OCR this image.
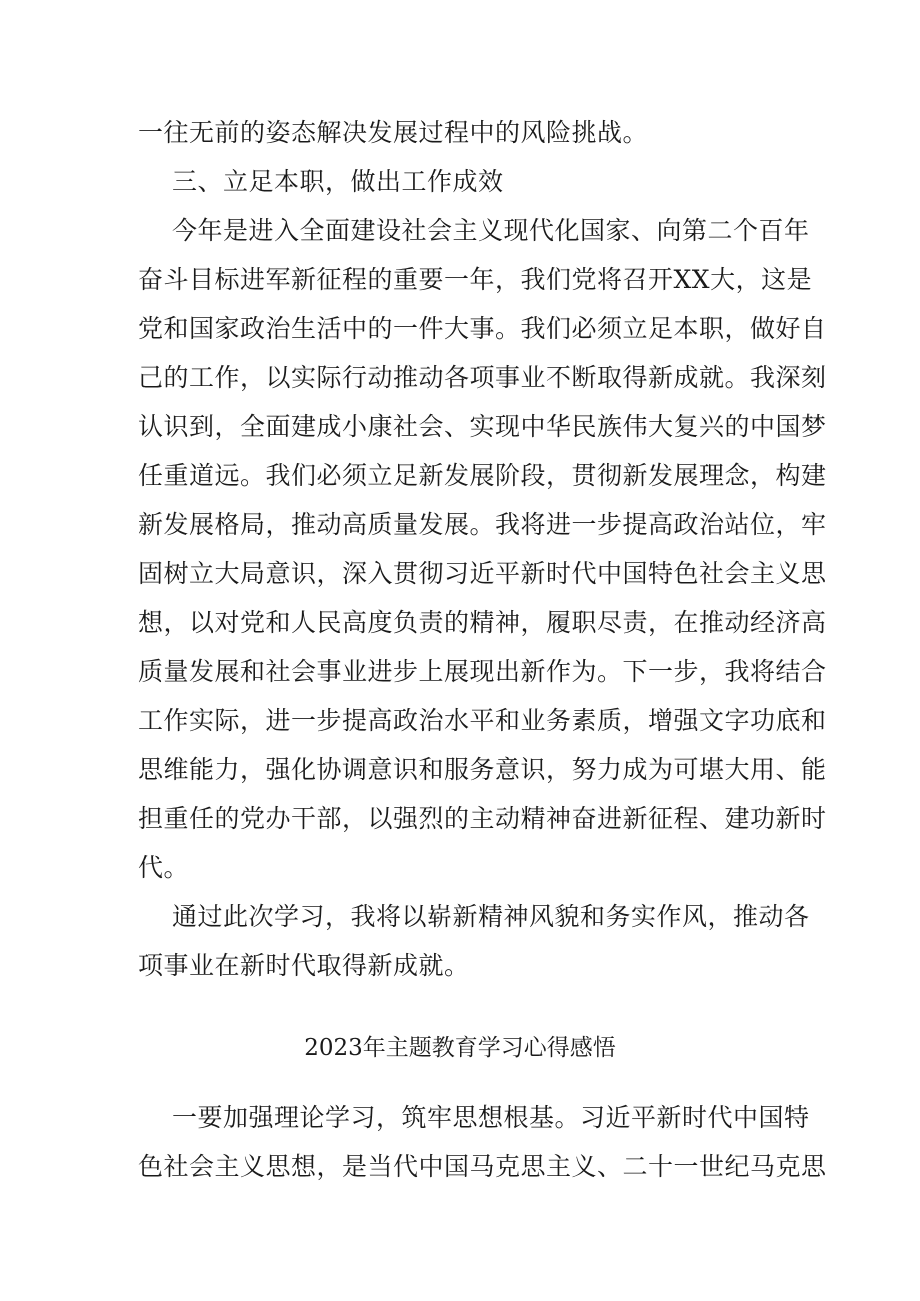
一往无前的姿态解决发展过程中的风险挑战。
三、立足本职，做出工作成效
今年是进入全面建设社会主义现代化国家、向第二个百年
奋斗目标进军新征程的重要一年，我们党将召开XX大，这是
党和国家政治生活中的一件大事。我们必须立足本职，做好自
己的工作，以实际行动推动各项事业不断取得新成就。我深刻
认识到，全面建成小康社会、实现中华民族伟大复兴的中国梦
任重道远。我们必须立足新发展阶段，贯彻新发展理念，构建
新发展格局，推动高质量发展。我将进一步提高政治站位，牢
固树立大局意识，深入贯彻习近平新时代中国特色社会主义思
想，以对党和人民高度负责的精神，履职尽责，在推动经济高
质量发展和社会事业进步上展现出新作为。下一步，我将结合
工作实际，进一步提高政治水平和业务素质，增强文字功底和
思维能力，强化协调意识和服务意识，努力成为可堪大用、能
担重任的党办干部，以强烈的主动精神奋进新征程、建功新时
代。
通过此次学习，我将以崭新精神风貌和务实作风，推动各
项事业在新时代取得新成就。
2023年主题教育学习心得感悟
一要加强理论学习，筑牢思想根基。习近平新时代中国特
色社会主义思想，是当代中国马克思主义、二十一世纪马克思
